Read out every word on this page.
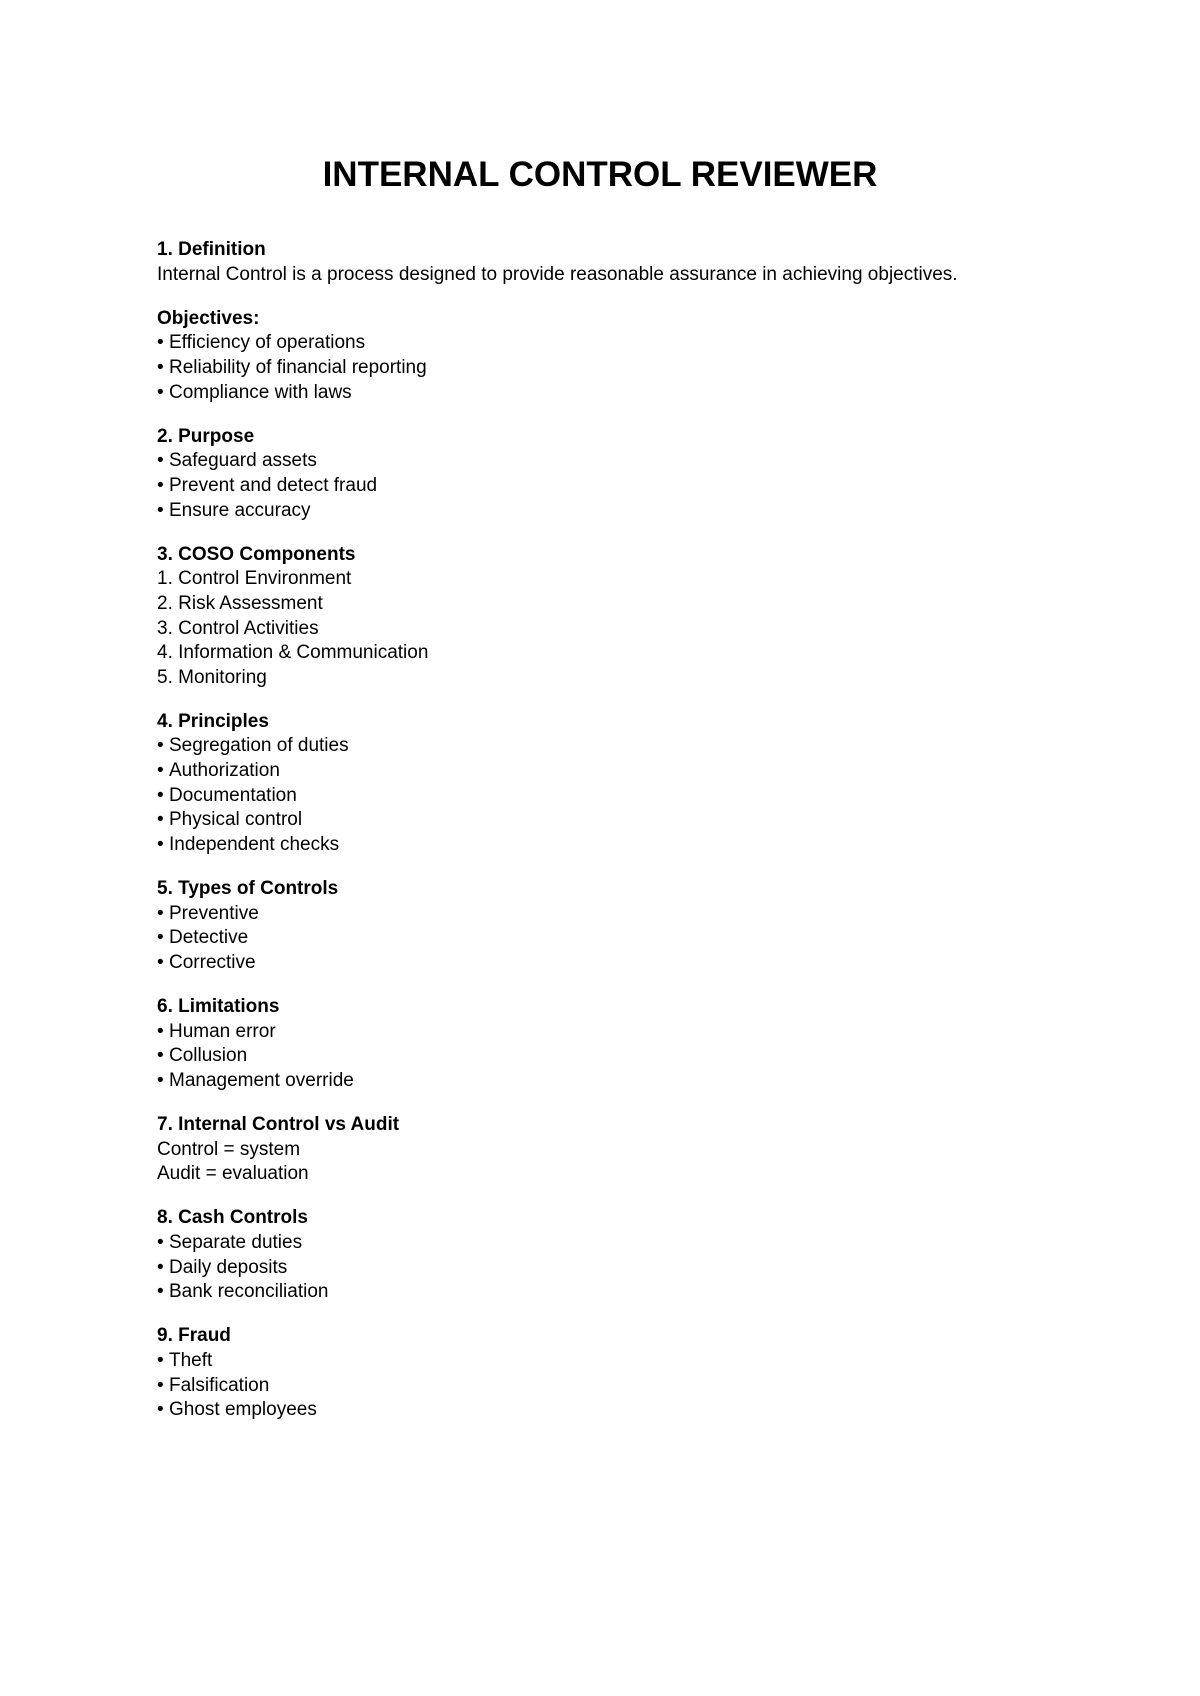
INTERNAL CONTROL REVIEWER
1. Definition
Internal Control is a process designed to provide reasonable assurance in achieving objectives.
Objectives:
• Efficiency of operations
• Reliability of financial reporting
• Compliance with laws
2. Purpose
• Safeguard assets
• Prevent and detect fraud
• Ensure accuracy
3. COSO Components
1. Control Environment
2. Risk Assessment
3. Control Activities
4. Information & Communication
5. Monitoring
4. Principles
• Segregation of duties
• Authorization
• Documentation
• Physical control
• Independent checks
5. Types of Controls
• Preventive
• Detective
• Corrective
6. Limitations
• Human error
• Collusion
• Management override
7. Internal Control vs Audit
Control = system
Audit = evaluation
8. Cash Controls
• Separate duties
• Daily deposits
• Bank reconciliation
9. Fraud
• Theft
• Falsification
• Ghost employees
